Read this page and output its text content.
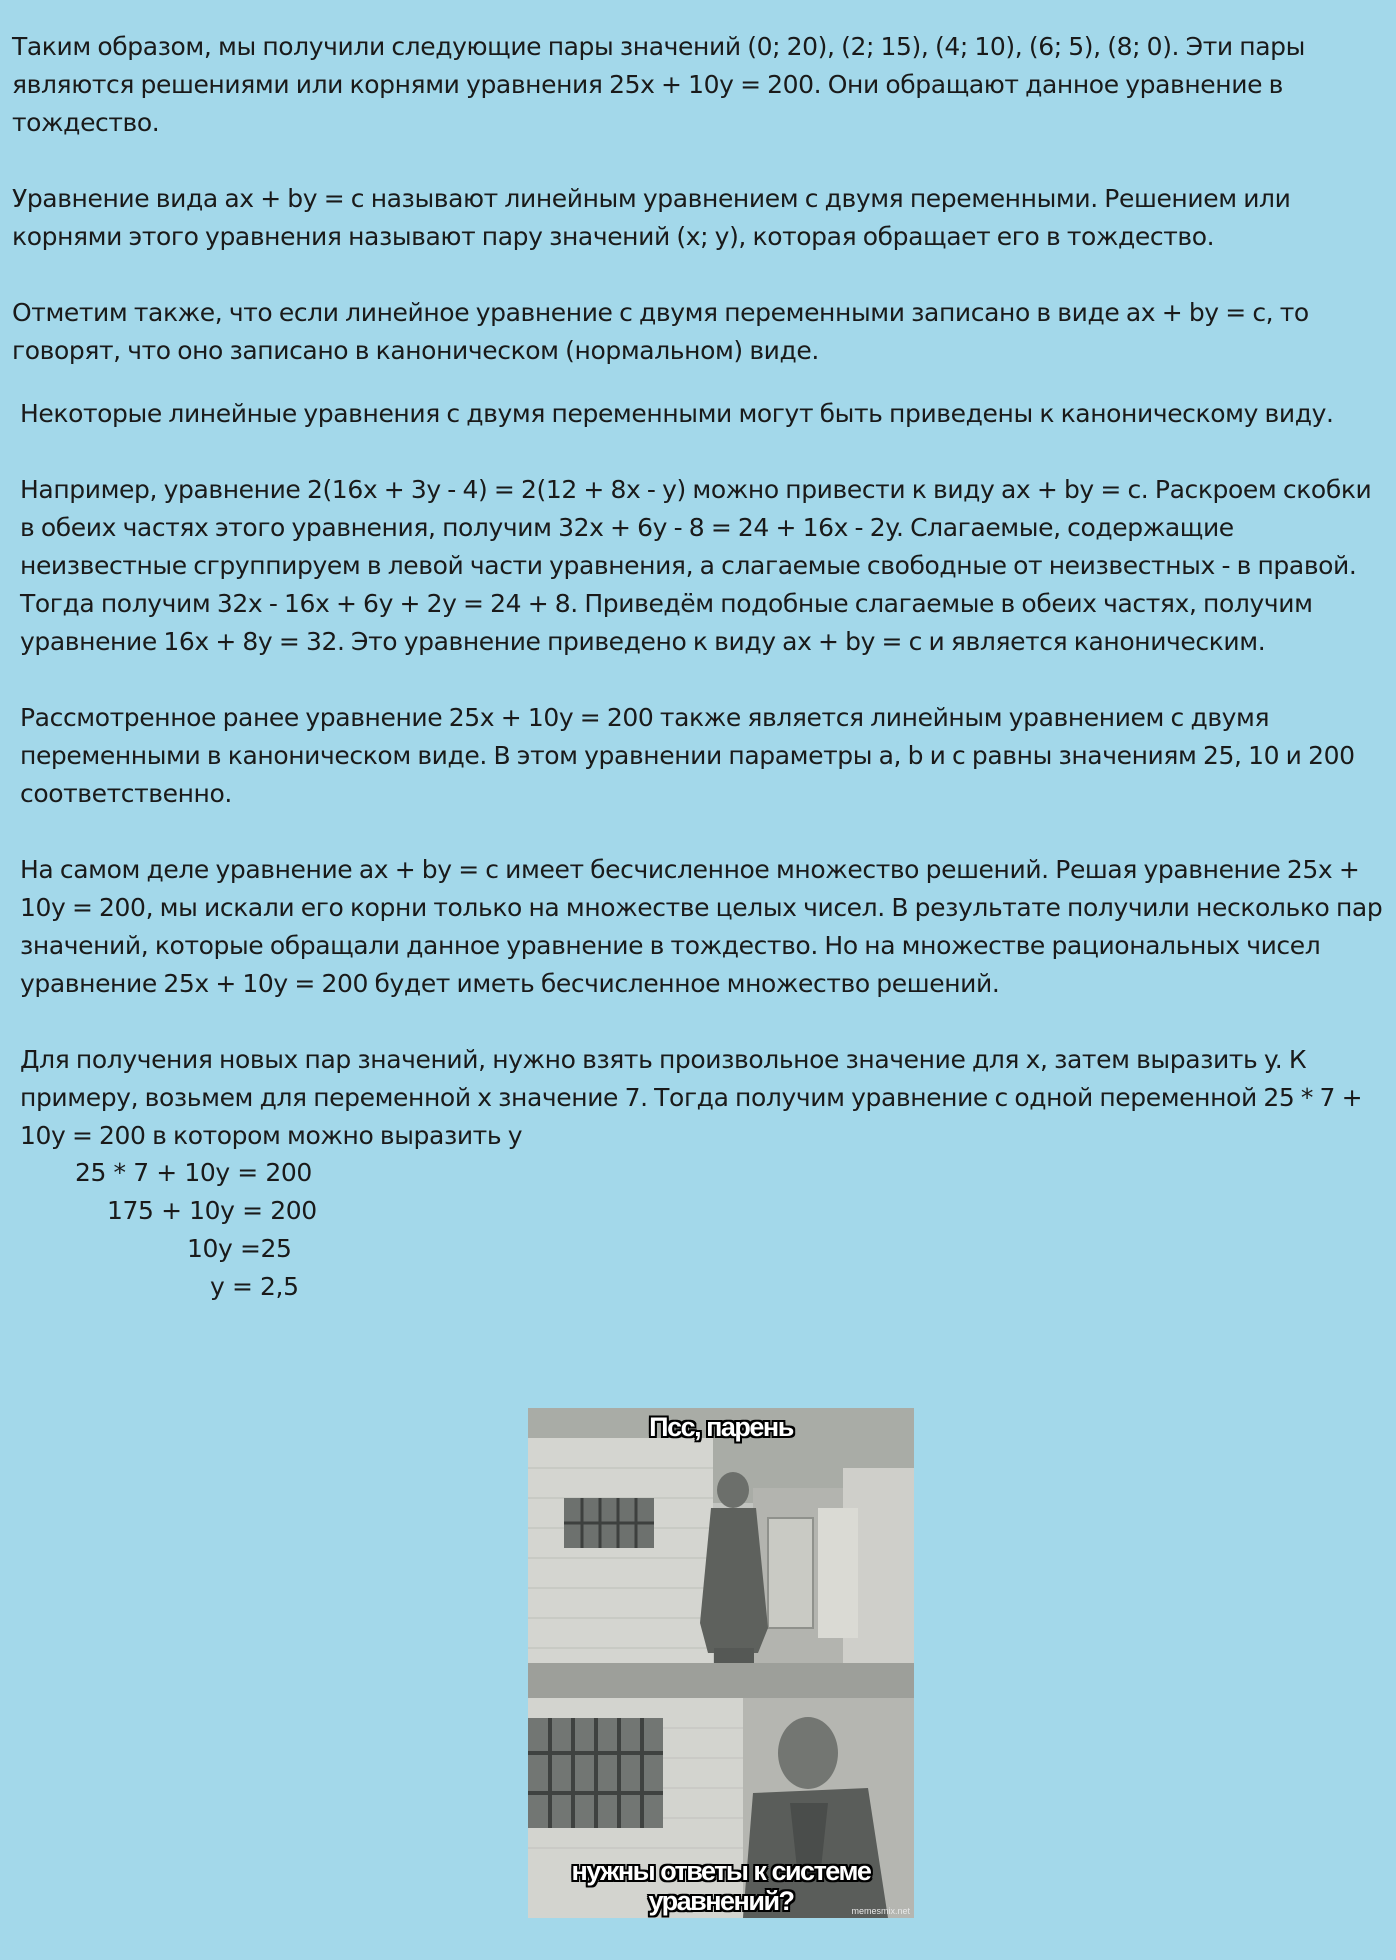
Таким образом, мы получили следующие пары значений (0; 20), (2; 15), (4; 10), (6; 5), (8; 0). Эти пары являются решениями или корнями уравнения 25x + 10y = 200. Они обращают данное уравнение в тождество.

Уравнение вида ax + by = c называют линейным уравнением с двумя переменными. Решением или корнями этого уравнения называют пару значений (x; y), которая обращает его в тождество.

Отметим также, что если линейное уравнение с двумя переменными записано в виде ax + by = c, то говорят, что оно записано в каноническом (нормальном) виде.

Некоторые линейные уравнения с двумя переменными могут быть приведены к каноническому виду.

Например, уравнение 2(16x + 3y - 4) = 2(12 + 8x - y) можно привести к виду ax + by = c. Раскроем скобки в обеих частях этого уравнения, получим 32x + 6y - 8 = 24 + 16x - 2y. Слагаемые, содержащие неизвестные сгруппируем в левой части уравнения, а слагаемые свободные от неизвестных - в правой. Тогда получим 32x - 16x + 6y + 2y = 24 + 8. Приведём подобные слагаемые в обеих частях, получим уравнение 16x + 8y = 32. Это уравнение приведено к виду ax + by = c и является каноническим.

Рассмотренное ранее уравнение 25x + 10y = 200 также является линейным уравнением с двумя переменными в каноническом виде. В этом уравнении параметры a, b и c равны значениям 25, 10 и 200 соответственно.

На самом деле уравнение ax + by = c имеет бесчисленное множество решений. Решая уравнение 25x + 10y = 200, мы искали его корни только на множестве целых чисел. В результате получили несколько пар значений, которые обращали данное уравнение в тождество. Но на множестве рациональных чисел уравнение 25x + 10y = 200 будет иметь бесчисленное множество решений.

Для получения новых пар значений, нужно взять произвольное значение для x, затем выразить y. К примеру, возьмем для переменной x значение 7. Тогда получим уравнение с одной переменной 25 * 7 + 10y = 200 в котором можно выразить y

25 * 7 + 10y = 200
175 + 10y = 200
10y =25
y = 2,5
Псс, парень
нужны ответы к системе уравнений?	memesmix.net
